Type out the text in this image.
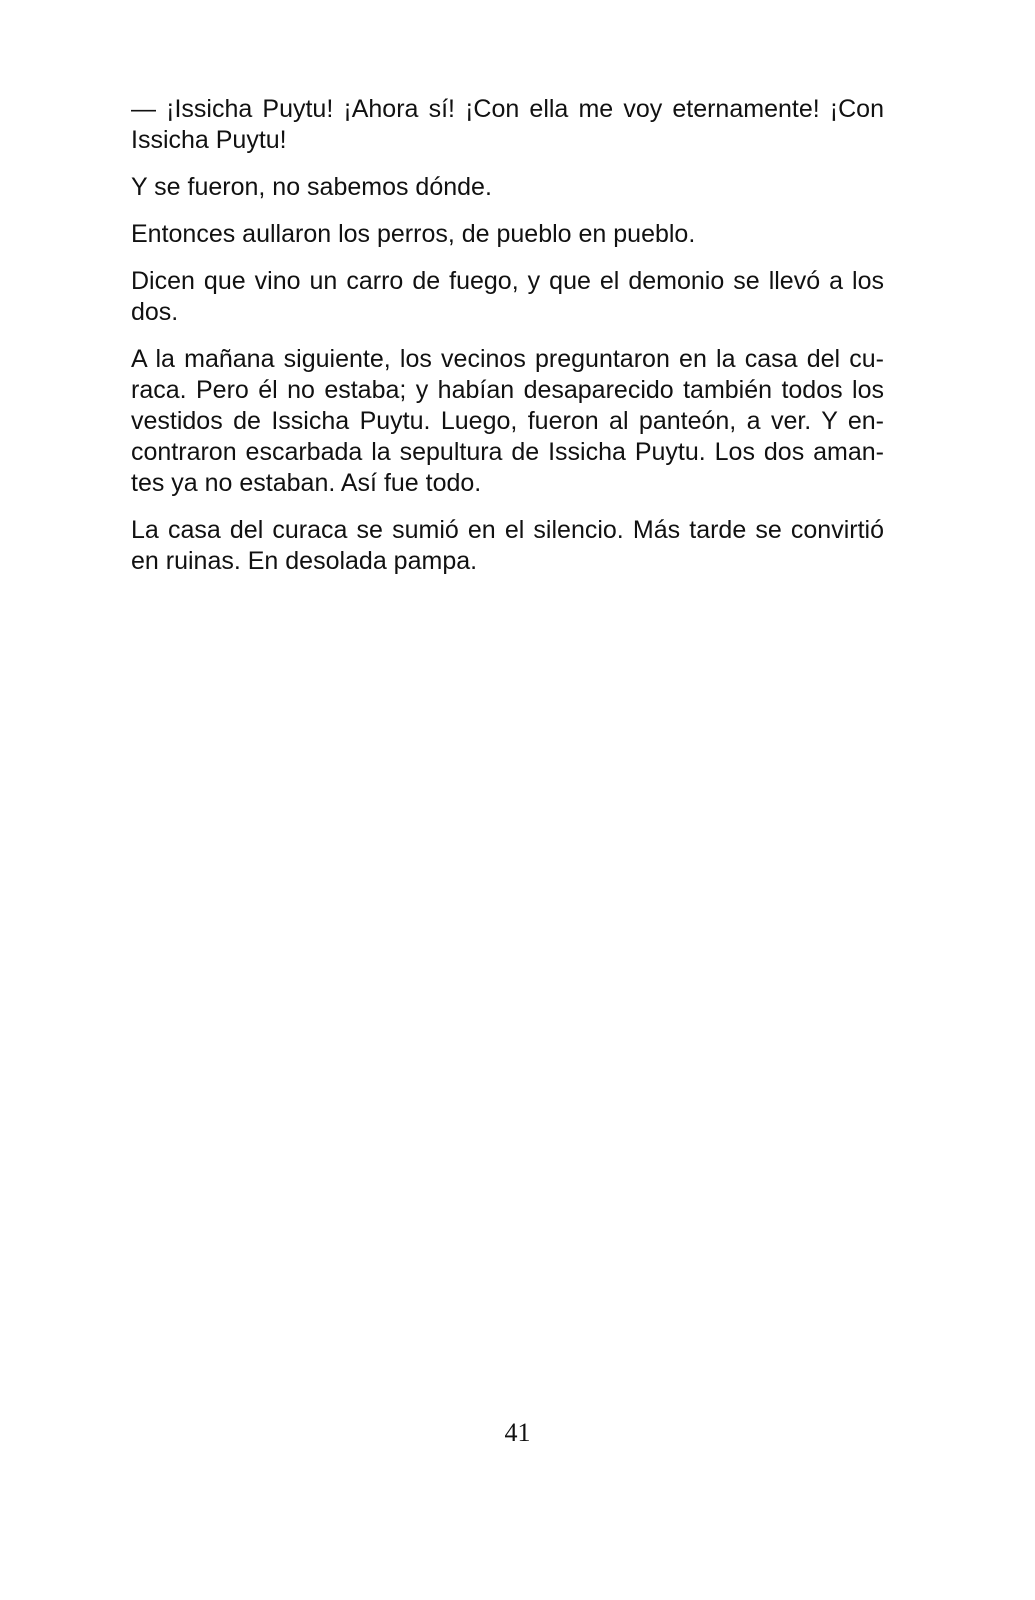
— ¡Issicha Puytu! ¡Ahora sí! ¡Con ella me voy eternamente! ¡Con
Issicha Puytu!

Y se fueron, no sabemos dónde.

Entonces aullaron los perros, de pueblo en pueblo.

Dicen que vino un carro de fuego, y que el demonio se llevó a los
dos.

A la mañana siguiente, los vecinos preguntaron en la casa del cu-
raca. Pero él no estaba; y habían desaparecido también todos los
vestidos de Issicha Puytu. Luego, fueron al panteón, a ver. Y en-
contraron escarbada la sepultura de Issicha Puytu. Los dos aman-
tes ya no estaban. Así fue todo.

La casa del curaca se sumió en el silencio. Más tarde se convirtió
en ruinas. En desolada pampa.

41
